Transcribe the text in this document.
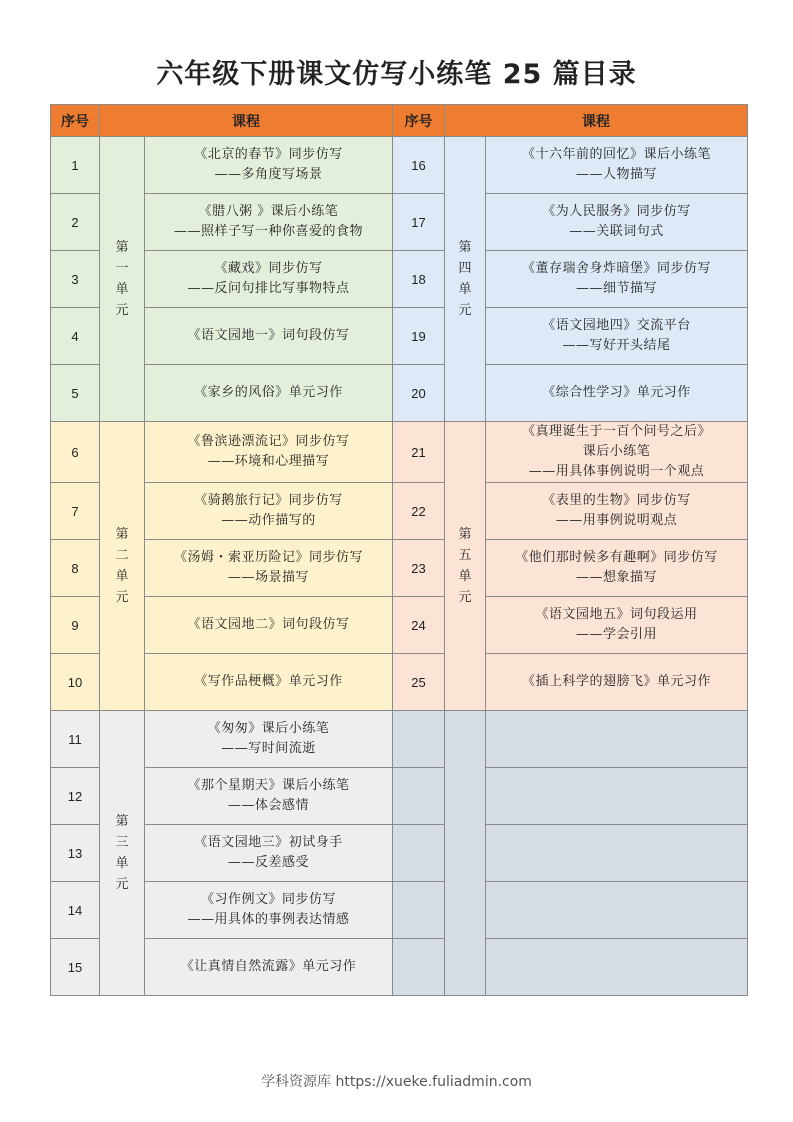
六年级下册课文仿写小练笔 25 篇目录
序号	课程		序号	课程	
1	第
一
单
元	《北京的春节》同步仿写
——多角度写场景	16	第
四
单
元	《十六年前的回忆》课后小练笔
——人物描写

2		《腊八粥 》课后小练笔
——照样子写一种你喜爱的食物	17		《为人民服务》同步仿写
——关联词句式

3		《藏戏》同步仿写
——反问句排比写事物特点	18		《董存瑞舍身炸暗堡》同步仿写
——细节描写

4		《语文园地一》词句段仿写	19		《语文园地四》交流平台
——写好开头结尾

5		《家乡的风俗》单元习作	20		《综合性学习》单元习作

6	第
二
单
元	《鲁滨逊漂流记》同步仿写
——环境和心理描写	21	第
五
单
元	《真理诞生于一百个问号之后》
课后小练笔
——用具体事例说明一个观点

7		《骑鹅旅行记》同步仿写
——动作描写的	22		《表里的生物》同步仿写
——用事例说明观点

8		《汤姆・索亚历险记》同步仿写
——场景描写	23		《他们那时候多有趣啊》同步仿写
——想象描写

9		《语文园地二》词句段仿写	24		《语文园地五》词句段运用
——学会引用

10		《写作品梗概》单元习作	25		《插上科学的翅膀飞》单元习作

11	第
三
单
元	《匆匆》课后小练笔
——写时间流逝			

12		《那个星期天》课后小练笔
——体会感情			

13		《语文园地三》初试身手
——反差感受			

14		《习作例文》同步仿写
——用具体的事例表达情感			

15		《让真情自然流露》单元习作			

学科资源库 https://xueke.fuliadmin.com
